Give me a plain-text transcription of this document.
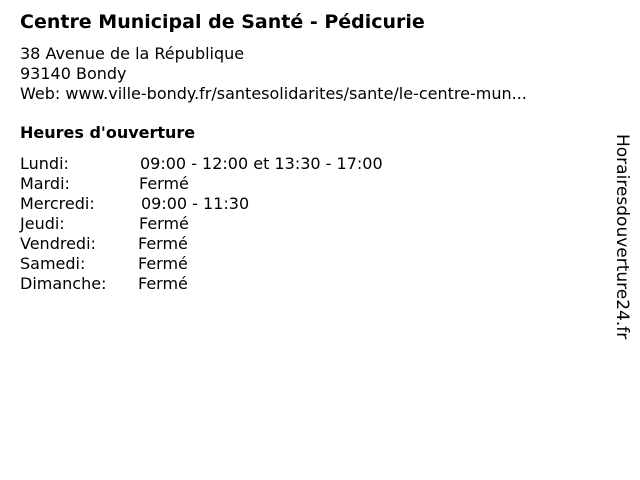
Centre Municipal de Santé - Pédicurie
38 Avenue de la République
93140 Bondy
Web: www.ville-bondy.fr/santesolidarites/sante/le-centre-mun...
Heures d'ouverture
Lundi:	09:00 - 12:00 et 13:30 - 17:00
Mardi:	Fermé
Mercredi:	09:00 - 11:30
Jeudi:	Fermé
Vendredi:	Fermé
Samedi:	Fermé
Dimanche: Fermé	Horairesdouverture24.fr
